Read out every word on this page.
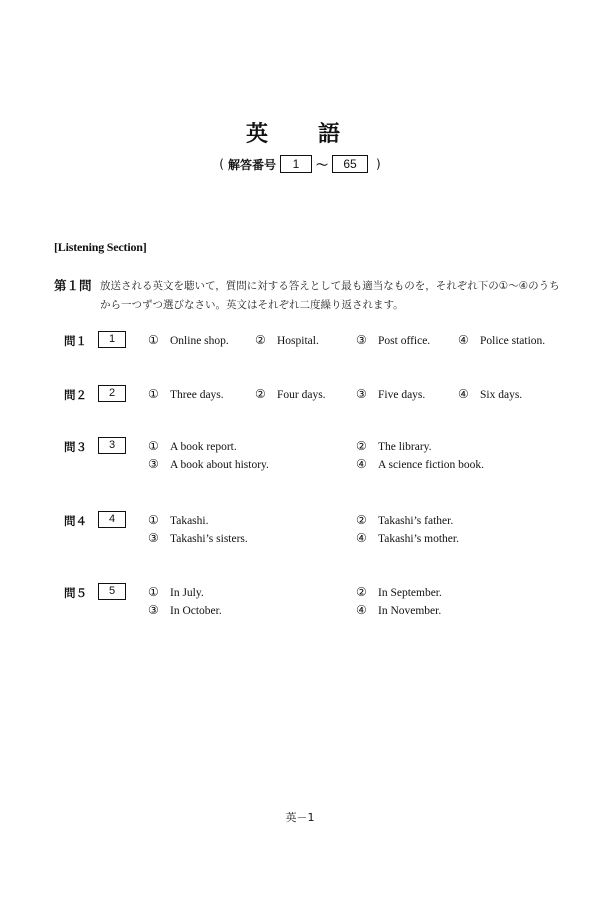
英　語
( 解答番号	1	～	65	)
[Listening Section]
第１問 放送される英文を聴いて，質問に対する答えとして最も適当なものを，それぞれ下の①～④のうちから一つずつ選びなさい。英文はそれぞれ二度繰り返されます。
問１	1	① Online shop. ② Hospital.	③ Post office. ④ Police station.
問２	2	① Three days.	② Four days.	③ Five days.	④ Six days.
問３	3	① A book report.	② The library.
③ A book about history.	④ A science fiction book.
問４	4	① Takashi.	② Takashi’s father.
③ Takashi’s sisters.	④ Takashi’s mother.
問５	5	① In July.	② In September.
③ In October.	④ In November.
英－1
